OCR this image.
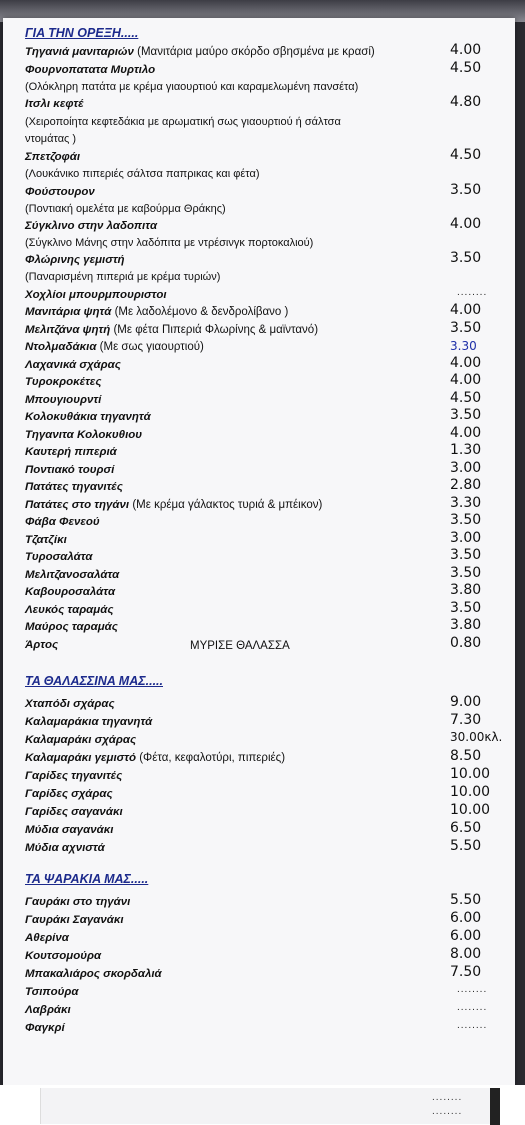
ΓΙΑ ΤΗΝ ΟΡΕΞΗ.....
Τηγανιά μανιταριών (Μανιτάρια μαύρο σκόρδο σβησμένα με κρασί)	4.00
Φουρνοπατατα Μυρτιλο	4.50
(Ολόκληρη πατάτα με κρέμα γιαουρτιού και καραμελωμένη πανσέτα)
Ιτσλι κεφτέ	4.80
(Χειροποίητα κεφτεδάκια με αρωματική σως γιαουρτιού ή σάλτσα
ντομάτας )
Σπετζοφάι	4.50
(Λουκάνικο πιπεριές σάλτσα παπρικας και φέτα)
Φούστουρον	3.50
(Ποντιακή ομελέτα με καβούρμα Θράκης)
Σύγκλινο στην λαδοπιτα	4.00
(Σύγκλινο Μάνης στην λαδόπιτα με ντρέσινγκ πορτοκαλιού)
Φλώρινης γεμιστή	3.50
(Παναρισμένη πιπεριά με κρέμα τυριών)
Χοχλίοι μπουρμπουριστοι	........
Μανιτάρια ψητά (Με λαδολέμονο & δενδρολίβανο )	4.00
Μελιτζάνα ψητή (Με φέτα Πιπεριά Φλωρίνης & μαϊντανό)	3.50
Ντολμαδάκια (Με σως γιαουρτιού)	3.30
Λαχανικά σχάρας	4.00
Τυροκροκέτες	4.00
Μπουγιουρντί	4.50
Κολοκυθάκια τηγανητά	3.50
Τηγανιτα Κολοκυθιου	4.00
Καυτερή πιπεριά	1.30
Ποντιακό τουρσί	3.00
Πατάτες τηγανιτές	2.80
Πατάτες στο τηγάνι (Με κρέμα γάλακτος τυριά & μπέικον)	3.30
Φάβα Φενεού	3.50
Τζατζίκι	3.00
Τυροσαλάτα	3.50
Μελιτζανοσαλάτα	3.50
Καβουροσαλάτα	3.80
Λευκός ταραμάς	3.50
Μαύρος ταραμάς	3.80
Άρτος	ΜΥΡΙΣΕ ΘΑΛΑΣΣΑ	0.80
ΤΑ ΘΑΛΑΣΣΙΝΑ ΜΑΣ.....
Χταπόδι σχάρας	9.00
Καλαμαράκια τηγανητά	7.30
Καλαμαράκι σχάρας	30.00κλ.
Καλαμαράκι γεμιστό (Φέτα, κεφαλοτύρι, πιπεριές)	8.50
Γαρίδες τηγανιτές	10.00
Γαρίδες σχάρας	10.00
Γαρίδες σαγανάκι	10.00
Μύδια σαγανάκι	6.50
Μύδια αχνιστά	5.50
ΤΑ ΨΑΡΑΚΙΑ ΜΑΣ.....
Γαυράκι στο τηγάνι	5.50
Γαυράκι Σαγανάκι	6.00
Αθερίνα	6.00
Κουτσομούρα	8.00
Μπακαλιάρος σκορδαλιά	7.50
Τσιπούρα	........
Λαβράκι	........
Φαγκρί	........
........
........
